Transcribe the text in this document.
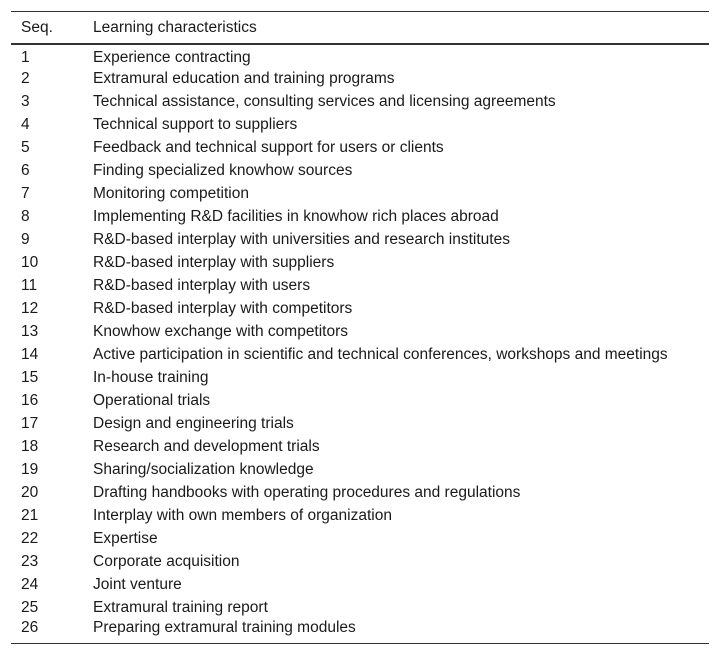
Seq.	Learning characteristics
1	Experience contracting
2	Extramural education and training programs
3	Technical assistance, consulting services and licensing agreements
4	Technical support to suppliers
5	Feedback and technical support for users or clients
6	Finding specialized knowhow sources
7	Monitoring competition
8	Implementing R&D facilities in knowhow rich places abroad
9	R&D-based interplay with universities and research institutes
10	R&D-based interplay with suppliers
11	R&D-based interplay with users
12	R&D-based interplay with competitors
13	Knowhow exchange with competitors
14	Active participation in scientific and technical conferences, workshops and meetings
15	In-house training
16	Operational trials
17	Design and engineering trials
18	Research and development trials
19	Sharing/socialization knowledge
20	Drafting handbooks with operating procedures and regulations
21	Interplay with own members of organization
22	Expertise
23	Corporate acquisition
24	Joint venture
25	Extramural training report
26	Preparing extramural training modules
